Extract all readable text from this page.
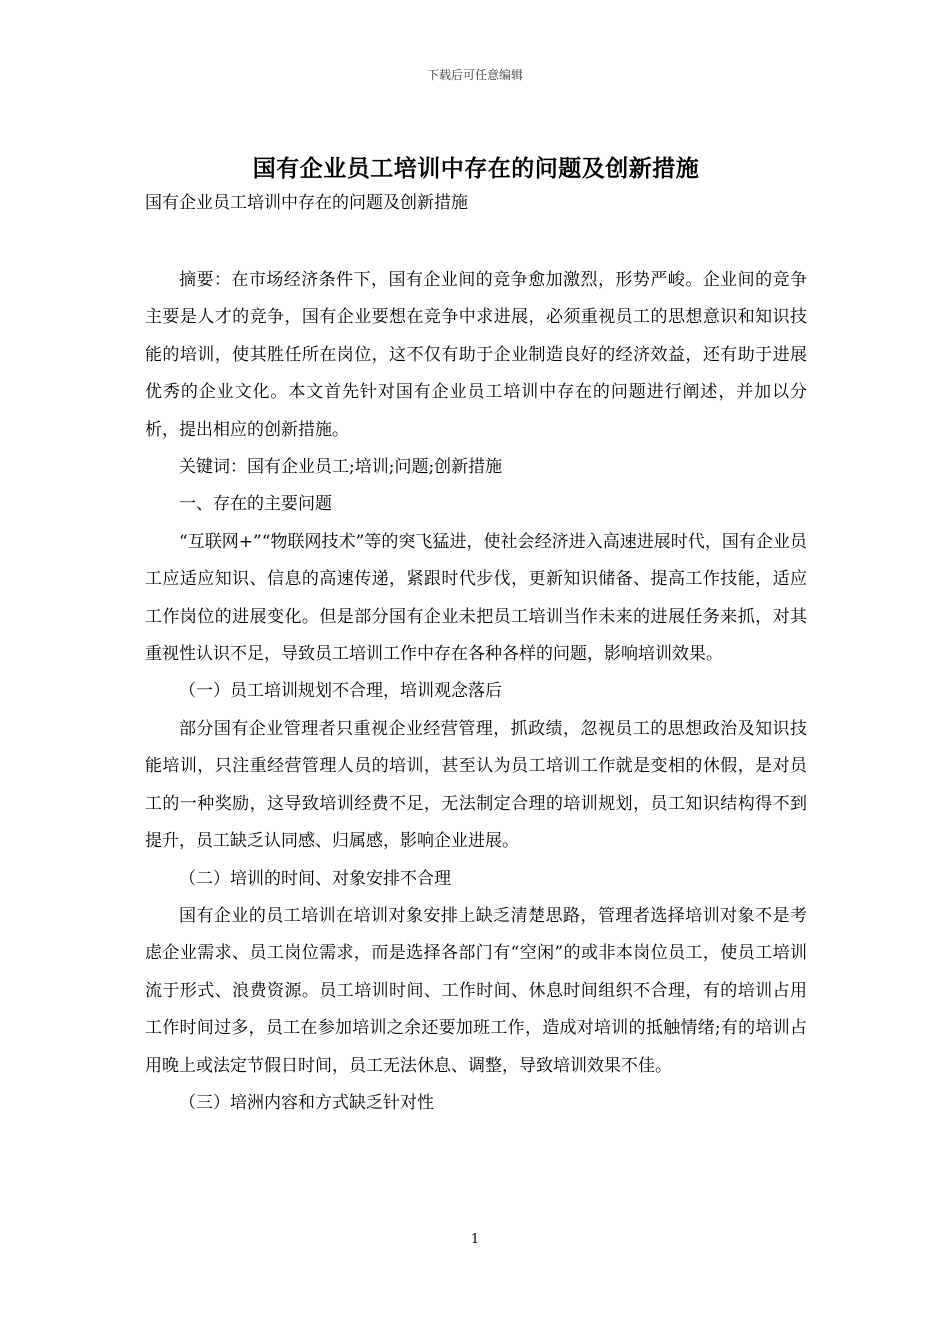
下载后可任意编辑
国有企业员工培训中存在的问题及创新措施
国有企业员工培训中存在的问题及创新措施

摘要：在市场经济条件下，国有企业间的竞争愈加激烈，形势严峻。企业间的竞争主要是人才的竞争，国有企业要想在竞争中求进展，必须重视员工的思想意识和知识技能的培训，使其胜任所在岗位，这不仅有助于企业制造良好的经济效益，还有助于进展优秀的企业文化。本文首先针对国有企业员工培训中存在的问题进行阐述，并加以分析，提出相应的创新措施。

关键词：国有企业员工;培训;问题;创新措施

一、存在的主要问题

“互联网+”“物联网技术”等的突飞猛进，使社会经济进入高速进展时代，国有企业员工应适应知识、信息的高速传递，紧跟时代步伐，更新知识储备、提高工作技能，适应工作岗位的进展变化。但是部分国有企业未把员工培训当作未来的进展任务来抓，对其重视性认识不足，导致员工培训工作中存在各种各样的问题，影响培训效果。

（一）员工培训规划不合理，培训观念落后

部分国有企业管理者只重视企业经营管理，抓政绩，忽视员工的思想政治及知识技能培训，只注重经营管理人员的培训，甚至认为员工培训工作就是变相的休假，是对员工的一种奖励，这导致培训经费不足，无法制定合理的培训规划，员工知识结构得不到提升，员工缺乏认同感、归属感，影响企业进展。

（二）培训的时间、对象安排不合理

国有企业的员工培训在培训对象安排上缺乏清楚思路，管理者选择培训对象不是考虑企业需求、员工岗位需求，而是选择各部门有“空闲”的或非本岗位员工，使员工培训流于形式、浪费资源。员工培训时间、工作时间、休息时间组织不合理，有的培训占用工作时间过多，员工在参加培训之余还要加班工作，造成对培训的抵触情绪;有的培训占用晚上或法定节假日时间，员工无法休息、调整，导致培训效果不佳。

（三）培洲内容和方式缺乏针对性

1
